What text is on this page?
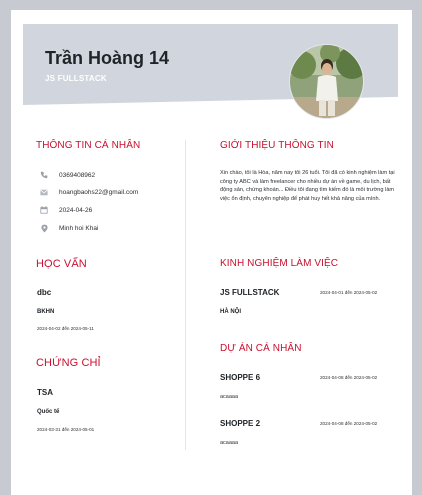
Trần Hoàng 14
JS FULLSTACK
THÔNG TIN CÁ NHÂN
0369408962
hoangbaohs22@gmail.com
2024-04-26
Minh hoi Khai
HỌC VẤN
dbc
BKHN
2024-04-02 đến 2024-05-11
CHỨNG CHỈ
TSA
Quốc tế
2024-03-31 đến 2024-05-01
GIỚI THIỆU THÔNG TIN
Xin chào, tôi là Hòa, năm nay tôi 26 tuổi. Tôi đã có kinh nghiệm làm tại công ty ABC và làm freelancer cho nhiều dự án về game, du lịch, bất động sản, chứng khoán... Điều tôi đang tìm kiếm đó là môi trường làm việc ổn định, chuyên nghiệp để phát huy hết khả năng của mình.
KINH NGHIỆM LÀM VIỆC
JS FULLSTACK	2024-04-01 đến 2024-05-02
HÀ NỘI
DỰ ÁN CÁ NHÂN
SHOPPE 6	2024-04-08 đến 2024-05-02
acaaaa
SHOPPE 2	2024-04-08 đến 2024-05-02
acaaaa
